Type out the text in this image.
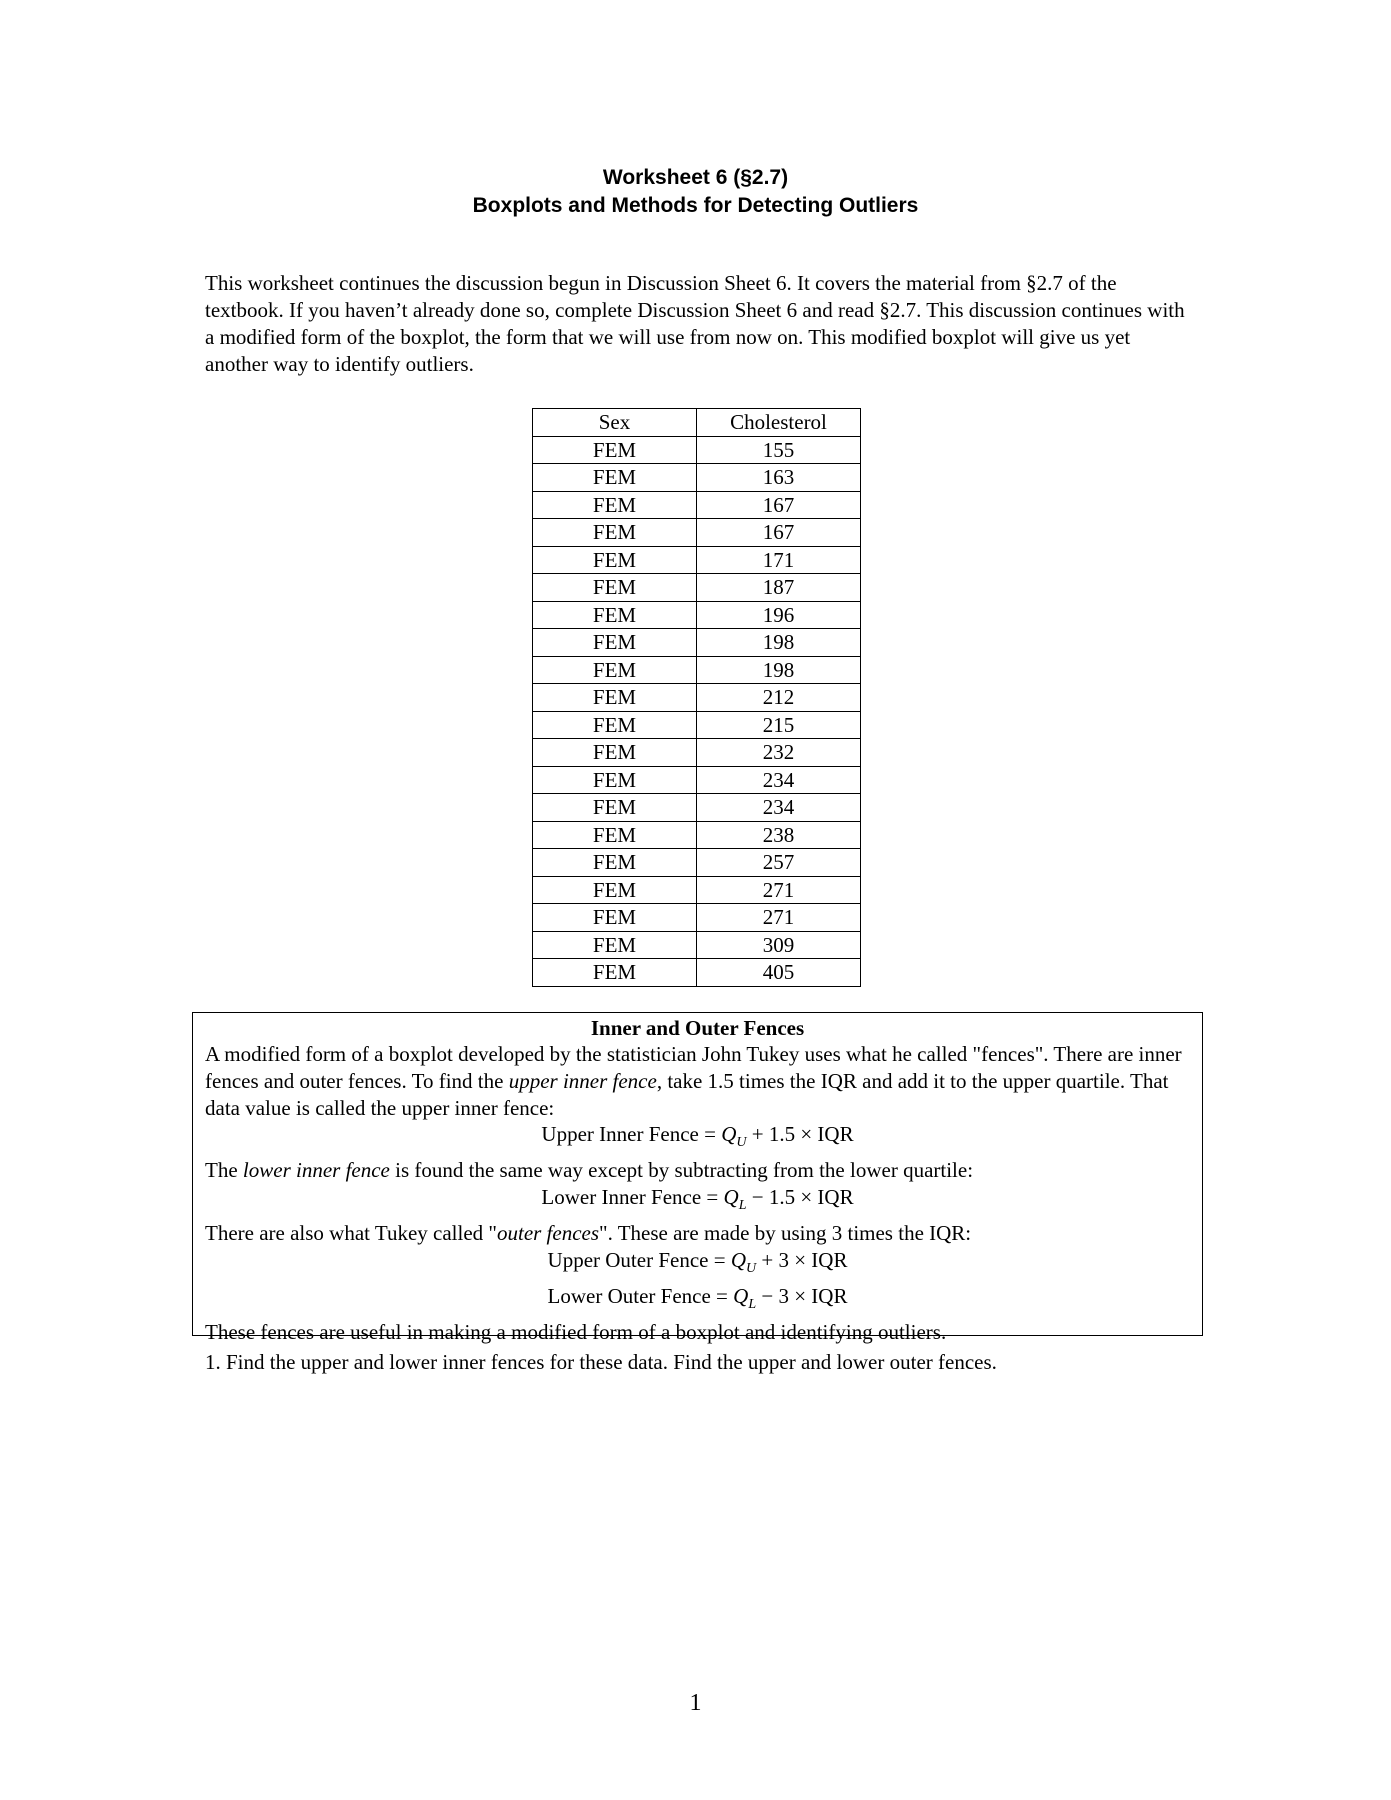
Worksheet 6 (§2.7)
Boxplots and Methods for Detecting Outliers
This worksheet continues the discussion begun in Discussion Sheet 6. It covers the material from §2.7 of the textbook. If you haven’t already done so, complete Discussion Sheet 6 and read §2.7. This discussion continues with a modified form of the boxplot, the form that we will use from now on. This modified boxplot will give us yet another way to identify outliers.
Sex	Cholesterol
FEM	155
FEM	163
FEM	167
FEM	167
FEM	171
FEM	187
FEM	196
FEM	198
FEM	198
FEM	212
FEM	215
FEM	232
FEM	234
FEM	234
FEM	238
FEM	257
FEM	271
FEM	271
FEM	309
FEM	405
Inner and Outer Fences
A modified form of a boxplot developed by the statistician John Tukey uses what he called "fences". There are inner fences and outer fences. To find the upper inner fence, take 1.5 times the IQR and add it to the upper quartile. That data value is called the upper inner fence:
Upper Inner Fence = $Q_U + 1.5$ × IQR
The lower inner fence is found the same way except by subtracting from the lower quartile:
Lower Inner Fence = $Q_L - 1.5$ × IQR
There are also what Tukey called "outer fences". These are made by using 3 times the IQR:
Upper Outer Fence = $Q_U + 3$ × IQR
Lower Outer Fence = $Q_L - 3$ × IQR
These fences are useful in making a modified form of a boxplot and identifying outliers.
1. Find the upper and lower inner fences for these data. Find the upper and lower outer fences.
1
